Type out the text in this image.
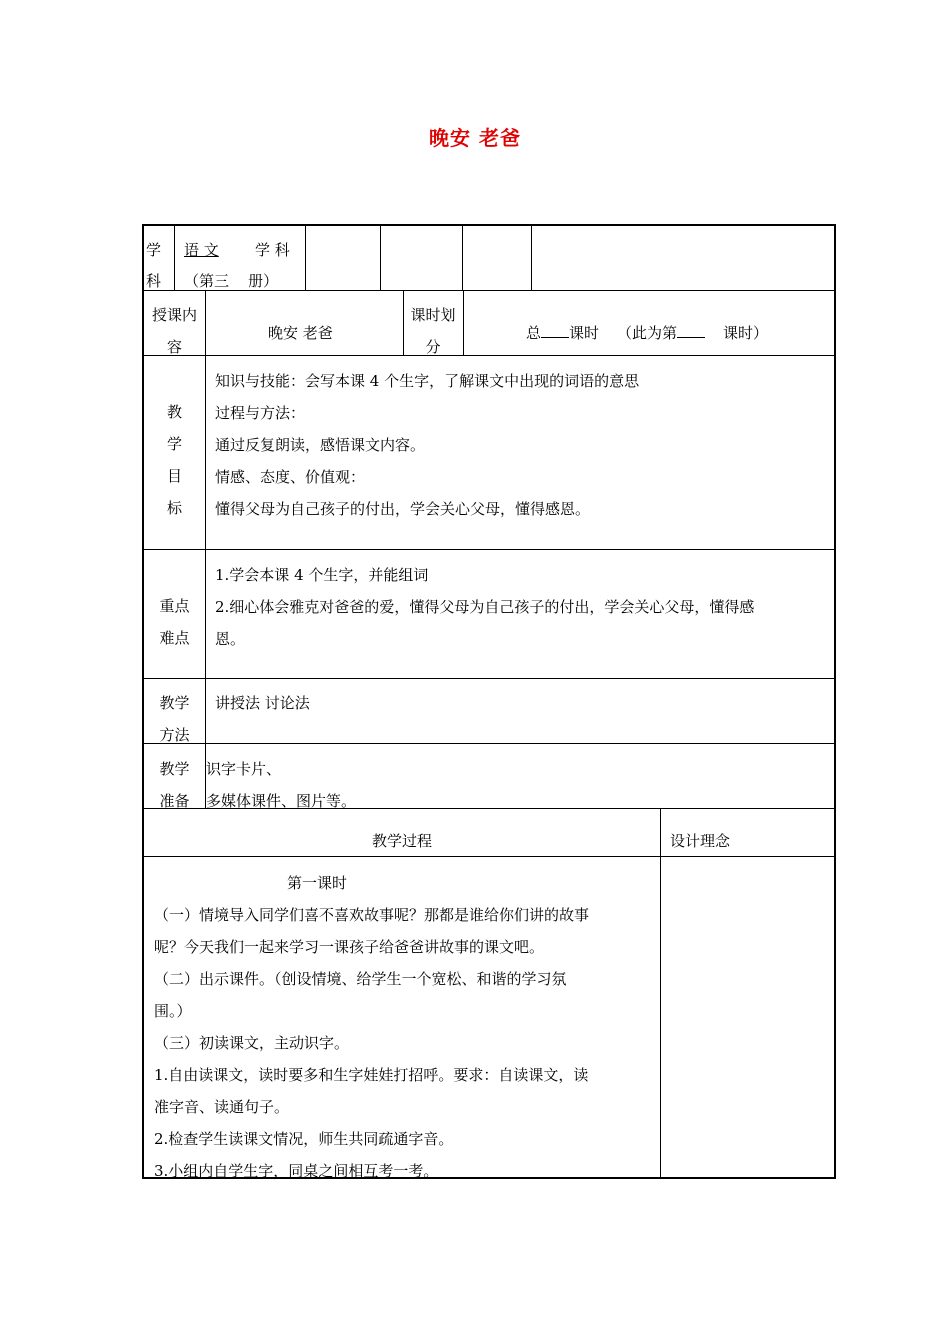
晚安 老爸
学
科
语 文 学 科
（第三    册）
授课内
容
晚安 老爸
课时划
分
总 课时 （此为第	课时）
教
学
目
标
知识与技能：会写本课 4 个生字，了解课文中出现的词语的意思
过程与方法：
通过反复朗读，感悟课文内容。
情感、态度、价值观：
懂得父母为自己孩子的付出，学会关心父母，懂得感恩。
重点
难点
1.学会本课 4 个生字，并能组词
2.细心体会雅克对爸爸的爱，懂得父母为自己孩子的付出，学会关心父母，懂得感
恩。
教学
方法
讲授法 讨论法
教学
准备
识字卡片、
多媒体课件、图片等。
教学过程	设计理念
第一课时
（一）情境导入同学们喜不喜欢故事呢？那都是谁给你们讲的故事
呢？今天我们一起来学习一课孩子给爸爸讲故事的课文吧。
（二）出示课件。（创设情境、给学生一个宽松、和谐的学习氛
围。）
（三）初读课文，主动识字。
1.自由读课文，读时要多和生字娃娃打招呼。要求：自读课文，读
准字音、读通句子。
2.检查学生读课文情况，师生共同疏通字音。
3.小组内自学生字，同桌之间相互考一考。
